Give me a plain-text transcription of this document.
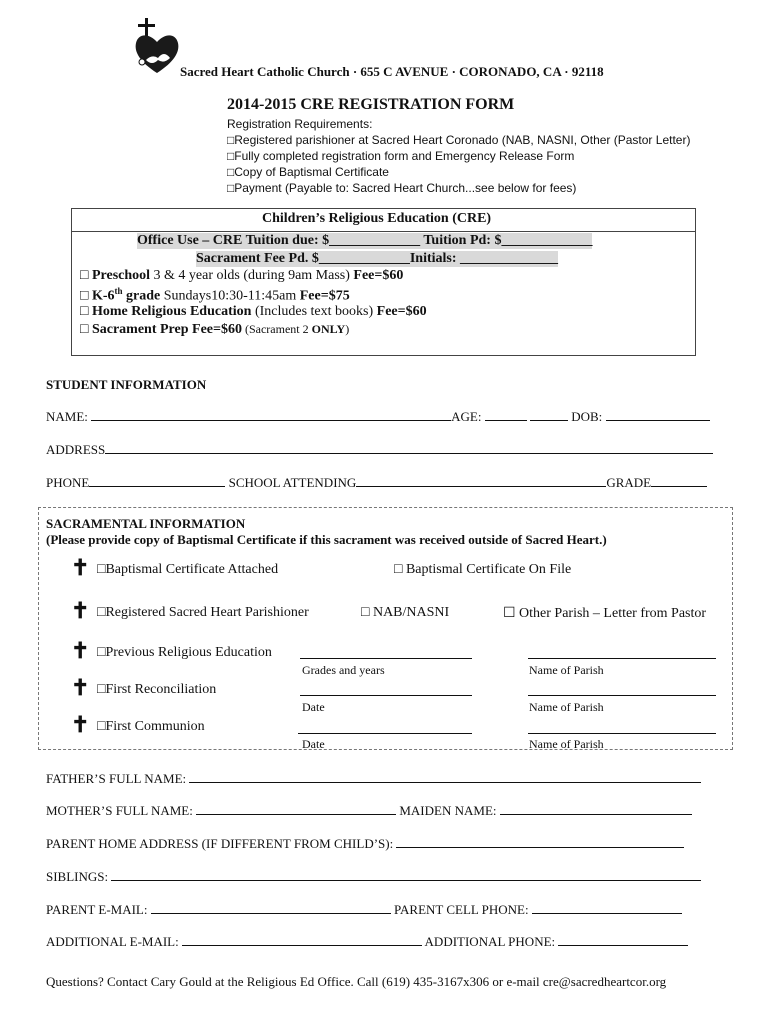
Sacred Heart Catholic Church · 655 C AVENUE · CORONADO, CA · 92118
2014-2015 CRE REGISTRATION FORM
Registration Requirements:
□Registered parishioner at Sacred Heart Coronado (NAB, NASNI, Other (Pastor Letter)
□Fully completed registration form and Emergency Release Form
□Copy of Baptismal Certificate
□Payment (Payable to: Sacred Heart Church...see below for fees)
Children’s Religious Education (CRE)
Office Use – CRE Tuition due: $_____________ Tuition Pd: $_____________
Sacrament Fee Pd. $_____________Initials: ______________
□ Preschool 3 & 4 year olds (during 9am Mass) Fee=$60
□ K-6th grade Sundays10:30-11:45am Fee=$75
□ Home Religious Education (Includes text books) Fee=$60
□ Sacrament Prep Fee=$60 (Sacrament 2 ONLY)
STUDENT INFORMATION
NAME:	AGE:	DOB:
ADDRESS
PHONE	SCHOOL ATTENDING	GRADE
SACRAMENTAL INFORMATION
(Please provide copy of Baptismal Certificate if this sacrament was received outside of Sacred Heart.)
✝ □Baptismal Certificate Attached	□ Baptismal Certificate On File
✝ □Registered Sacred Heart Parishioner	□ NAB/NASNI	☐ Other Parish – Letter from Pastor
✝ □Previous Religious Education
Grades and years	Name of Parish
✝ □First Reconciliation
Date	Name of Parish
✝ □First Communion
Date	Name of Parish
FATHER’S FULL NAME:
MOTHER’S FULL NAME:	MAIDEN NAME:
PARENT HOME ADDRESS (IF DIFFERENT FROM CHILD’S):
SIBLINGS:
PARENT E-MAIL:	PARENT CELL PHONE:
ADDITIONAL E-MAIL:	ADDITIONAL PHONE:
Questions? Contact Cary Gould at the Religious Ed Office. Call (619) 435-3167x306 or e-mail cre@sacredheartcor.org
